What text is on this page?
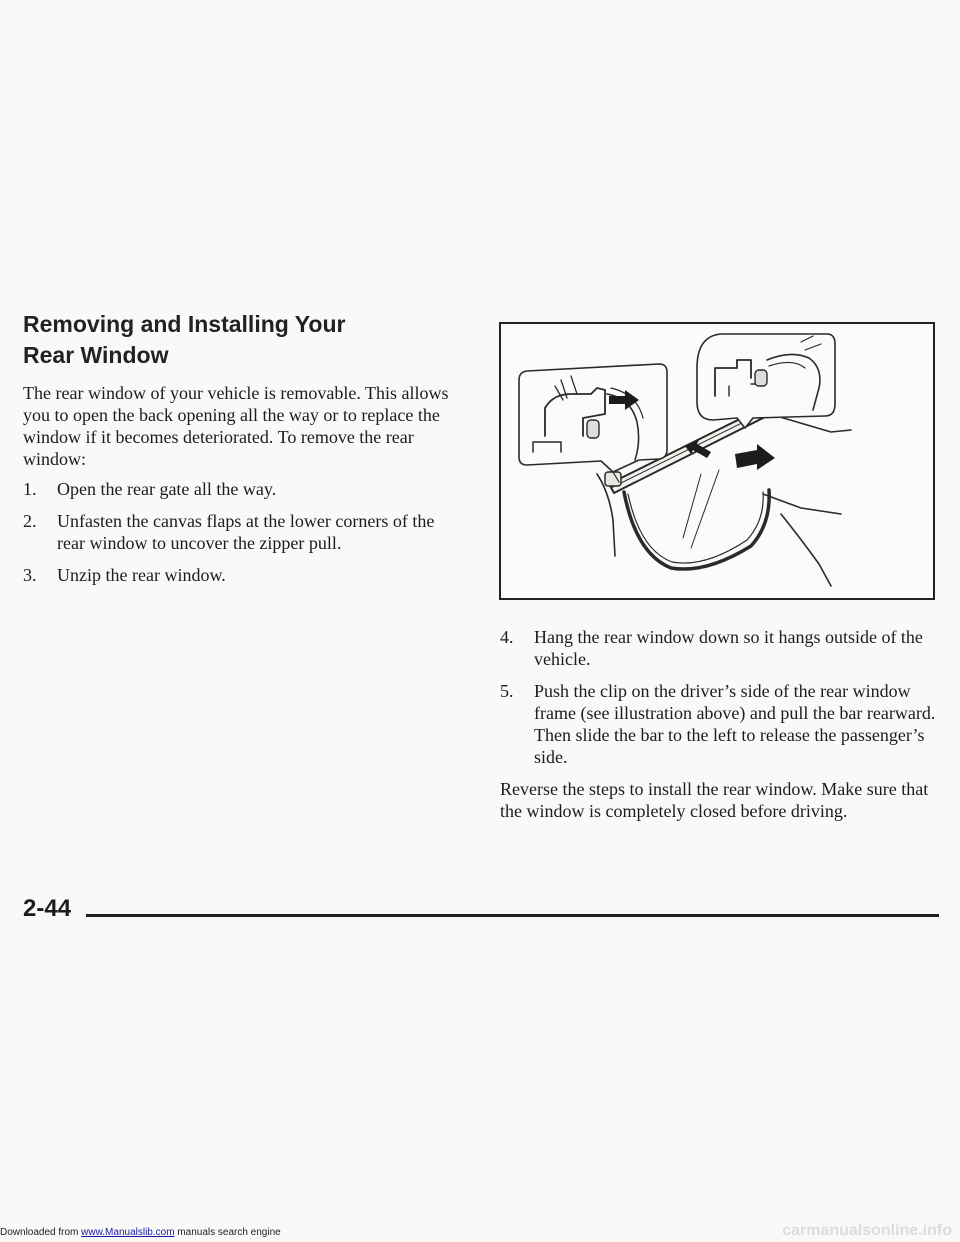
Removing and Installing Your
Rear Window

The rear window of your vehicle is removable. This allows you to open the back opening all the way or to replace the window if it becomes deteriorated. To remove the rear window:

1. Open the rear gate all the way.
2. Unfasten the canvas flaps at the lower corners of the rear window to uncover the zipper pull.
3. Unzip the rear window.
4. Hang the rear window down so it hangs outside of the vehicle.
5. Push the clip on the driver’s side of the rear window frame (see illustration above) and pull the bar rearward. Then slide the bar to the left to release the passenger’s side.

Reverse the steps to install the rear window. Make sure that the window is completely closed before driving.

2-44
Downloaded from www.Manualslib.com manuals search engine	carmanualsonline.info
